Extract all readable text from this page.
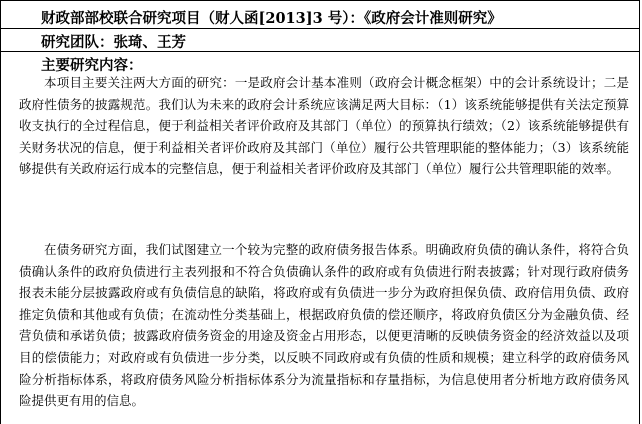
财政部部校联合研究项目（财人函[2013]3 号）：《政府会计准则研究》
研究团队：张琦、王芳
主要研究内容：

本项目主要关注两大方面的研究：一是政府会计基本准则（政府会计概念框架）中的会计系统设计；二是政府性债务的披露规范。我们认为未来的政府会计系统应该满足两大目标：（1）该系统能够提供有关法定预算收支执行的全过程信息，便于利益相关者评价政府及其部门（单位）的预算执行绩效；（2）该系统能够提供有关财务状况的信息，便于利益相关者评价政府及其部门（单位）履行公共管理职能的整体能力；（3）该系统能够提供有关政府运行成本的完整信息，便于利益相关者评价政府及其部门（单位）履行公共管理职能的效率。

在债务研究方面，我们试图建立一个较为完整的政府债务报告体系。明确政府负债的确认条件，将符合负债确认条件的政府负债进行主表列报和不符合负债确认条件的政府或有负债进行附表披露；针对现行政府债务报表未能分层披露政府或有负债信息的缺陷，将政府或有负债进一步分为政府担保负债、政府信用负债、政府推定负债和其他或有负债；在流动性分类基础上，根据政府负债的偿还顺序，将政府负债区分为金融负债、经营负债和承诺负债；披露政府债务资金的用途及资金占用形态，以便更清晰的反映债务资金的经济效益以及项目的偿债能力；对政府或有负债进一步分类，以反映不同政府或有负债的性质和规模；建立科学的政府债务风险分析指标体系，将政府债务风险分析指标体系分为流量指标和存量指标，为信息使用者分析地方政府债务风险提供更有用的信息。
